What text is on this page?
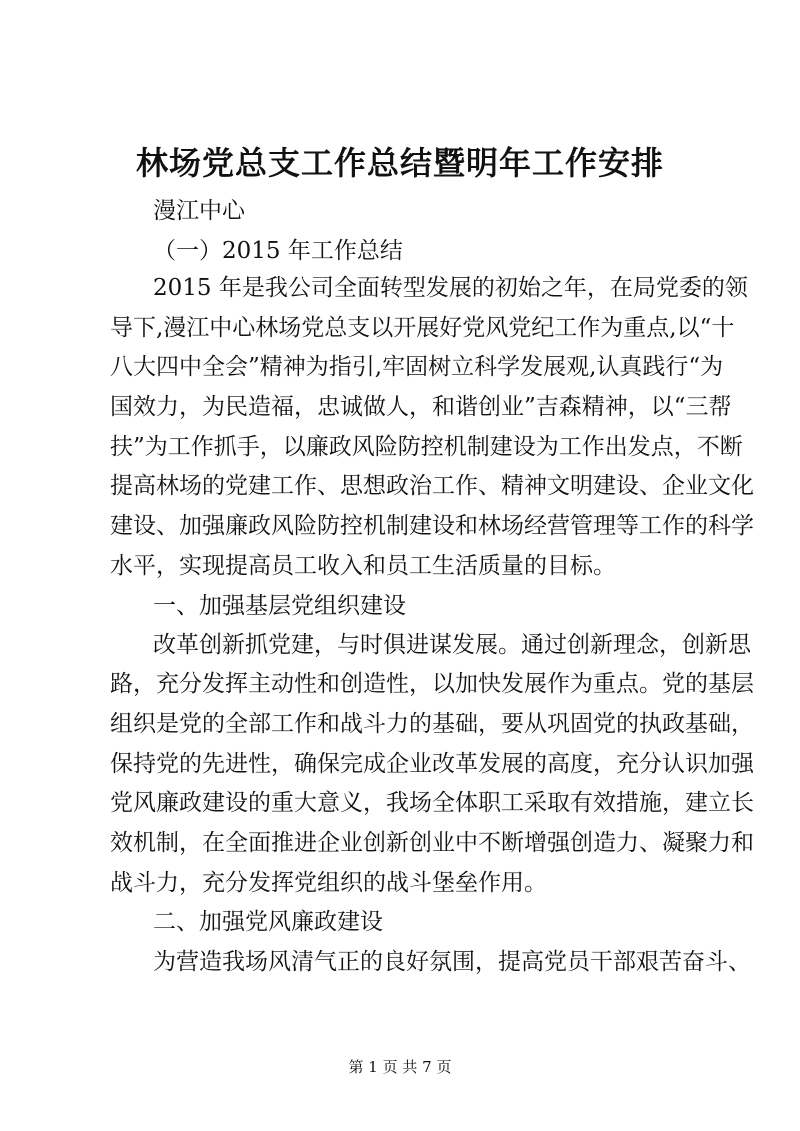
林场党总支工作总结暨明年工作安排

漫江中心

（一）2015 年工作总结

2015 年是我公司全面转型发展的初始之年，在局党委的领

导下,漫江中心林场党总支以开展好党风党纪工作为重点,以“十

八大四中全会”精神为指引,牢固树立科学发展观,认真践行“为

国效力，为民造福，忠诚做人，和谐创业”吉森精神，以“三帮

扶”为工作抓手，以廉政风险防控机制建设为工作出发点，不断

提高林场的党建工作、思想政治工作、精神文明建设、企业文化

建设、加强廉政风险防控机制建设和林场经营管理等工作的科学

水平，实现提高员工收入和员工生活质量的目标。

一、加强基层党组织建设

改革创新抓党建，与时俱进谋发展。通过创新理念，创新思

路，充分发挥主动性和创造性，以加快发展作为重点。党的基层

组织是党的全部工作和战斗力的基础，要从巩固党的执政基础，

保持党的先进性，确保完成企业改革发展的高度，充分认识加强

党风廉政建设的重大意义，我场全体职工采取有效措施，建立长

效机制，在全面推进企业创新创业中不断增强创造力、凝聚力和

战斗力，充分发挥党组织的战斗堡垒作用。

二、加强党风廉政建设

为营造我场风清气正的良好氛围，提高党员干部艰苦奋斗、

第 1 页 共 7 页
